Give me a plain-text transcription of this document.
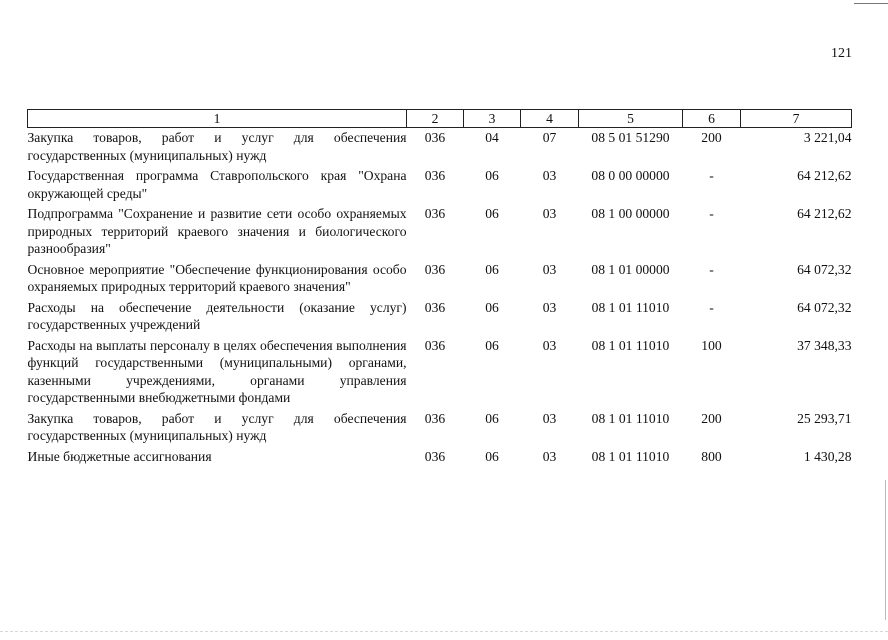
121
1	2	3	4	5	6	7
Закупка товаров, работ и услуг для обеспечения государственных (муниципальных) нужд	036	04	07	08 5 01 51290	200	3 221,04
Государственная программа Ставропольского края "Охрана окружающей среды"	036	06	03	08 0 00 00000	-	64 212,62
Подпрограмма "Сохранение и развитие сети особо охраняемых природных территорий краевого значения и биологического разнообразия"	036	06	03	08 1 00 00000	-	64 212,62
Основное мероприятие "Обеспечение функционирования особо охраняемых природных территорий краевого значения"	036	06	03	08 1 01 00000	-	64 072,32
Расходы на обеспечение деятельности (оказание услуг) государственных учреждений	036	06	03	08 1 01 11010	-	64 072,32
Расходы на выплаты персоналу в целях обеспечения выполнения функций государственными (муниципальными) органами, казенными учреждениями, органами управления государственными внебюджетными фондами	036	06	03	08 1 01 11010	100	37 348,33
Закупка товаров, работ и услуг для обеспечения государственных (муниципальных) нужд	036	06	03	08 1 01 11010	200	25 293,71
Иные бюджетные ассигнования	036	06	03	08 1 01 11010	800	1 430,28
